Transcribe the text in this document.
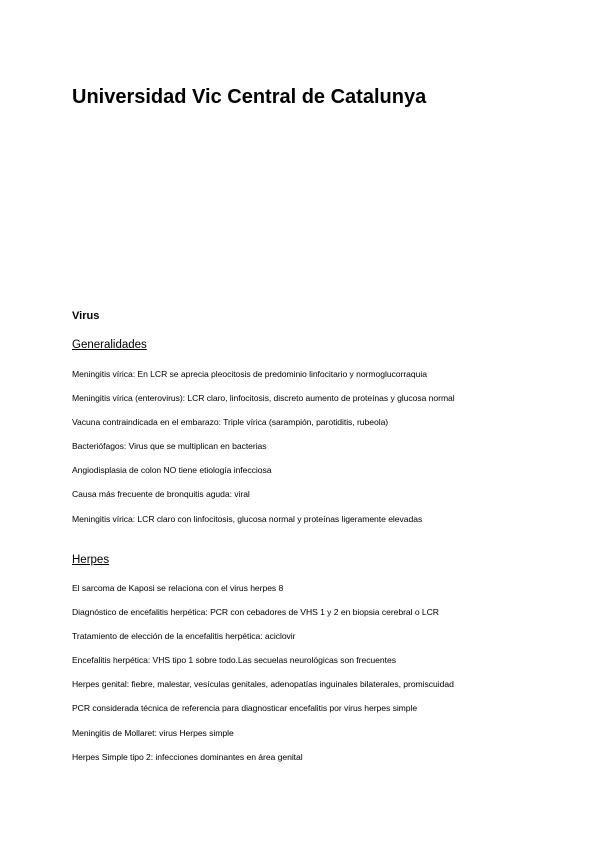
Universidad Vic Central de Catalunya
Virus
Generalidades
Meningitis vírica: En LCR se aprecia pleocitosis de predominio linfocitario y normoglucorraquia
Meningitis vírica (enterovirus): LCR claro, linfocitosis, discreto aumento de proteínas y glucosa normal
Vacuna contraindicada en el embarazo: Triple vírica (sarampión, parotiditis, rubeola)
Bacteriófagos: Virus que se multiplican en bacterias
Angiodisplasia de colon NO tiene etiología infecciosa
Causa más frecuente de bronquitis aguda: viral
Meningitis vírica: LCR claro con linfocitosis, glucosa normal y proteínas ligeramente elevadas
Herpes
El sarcoma de Kaposi se relaciona con el virus herpes 8
Diagnóstico de encefalitis herpética: PCR con cebadores de VHS 1 y 2 en biopsia cerebral o LCR
Tratamiento de elección de la encefalitis herpética: aciclovir
Encefalitis herpética: VHS tipo 1 sobre todo.Las secuelas neurológicas son frecuentes
Herpes genital: fiebre, malestar, vesículas genitales, adenopatías inguinales bilaterales, promiscuidad
PCR considerada técnica de referencia para diagnosticar encefalitis por virus herpes simple
Meningitis de Mollaret: virus Herpes simple
Herpes Simple tipo 2: infecciones dominantes en área genital
